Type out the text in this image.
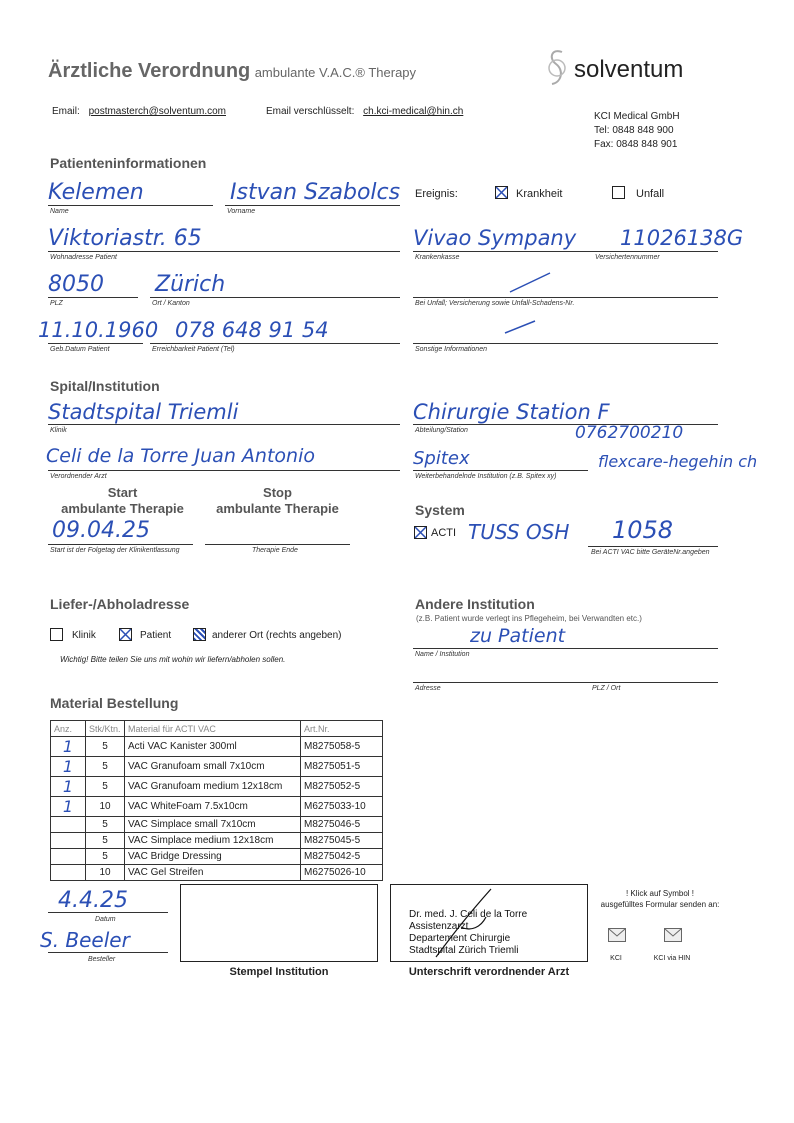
Ärztliche Verordnung ambulante V.A.C.® Therapy	solventum
Email: postmasterch@solventum.com	Email verschlüsselt: ch.kci-medical@hin.ch	KCI Medical GmbH
Tel: 0848 848 900
Fax: 0848 848 901
Patienteninformationen
Kelemen
Name
Istvan Szabolcs
Vorname
Viktoriastr. 65
Wohnadresse Patient
8050
PLZ
Zürich
Ort / Kanton
11.10.1960
Geb.Datum Patient
078 648 91 54
Erreichbarkeit Patient (Tel)
Ereignis:	Krankheit	Unfall
Vivao Sympany 11026138G
Krankenkasse	Versichertennummer
Bei Unfall; Versicherung sowie Unfall-Schadens-Nr.
Sonstige Informationen
Spital/Institution
Stadtspital Triemli
Klinik
Celi de la Torre Juan Antonio
Verordnender Arzt
Chirurgie Station F
Abteilung/Station	0762700210
Spitex	flexcare-hegehin ch
Weiterbehandelnde Institution (z.B. Spitex xy)
Start
ambulante Therapie
Stop
ambulante Therapie
09.04.25
Start ist der Folgetag der Klinikentlassung	Therapie Ende
System
ACTI TUSS OSH 1058
Bei ACTI VAC bitte GeräteNr.angeben
Liefer-/Abholadresse
Klinik	Patient	anderer Ort (rechts angeben)
Wichtig! Bitte teilen Sie uns mit wohin wir liefern/abholen sollen.
Andere Institution
(z.B. Patient wurde verlegt ins Pflegeheim, bei Verwandten etc.)
zu Patient
Name / Institution
Adresse	PLZ / Ort
Material Bestellung
Anz.	Stk/Ktn.	Material für ACTI VAC	Art.Nr.
1	5	Acti VAC Kanister 300ml	M8275058-5
1	5	VAC Granufoam small 7x10cm	M8275051-5
1	5	VAC Granufoam medium 12x18cm	M8275052-5
1	10	VAC WhiteFoam 7.5x10cm	M6275033-10
	5	VAC Simplace small 7x10cm	M8275046-5
	5	VAC Simplace medium 12x18cm	M8275045-5
	5	VAC Bridge Dressing	M8275042-5
	10	VAC Gel Streifen	M6275026-10
4.4.25
Datum
S. Beeler
Besteller
Stempel Institution
Dr. med. J. Celi de la Torre
Assistenzarzt
Departement Chirurgie
Stadtspital Zürich Triemli
Unterschrift verordnender Arzt
! Klick auf Symbol !
ausgefülltes Formular senden an:
KCI	KCI via HIN
